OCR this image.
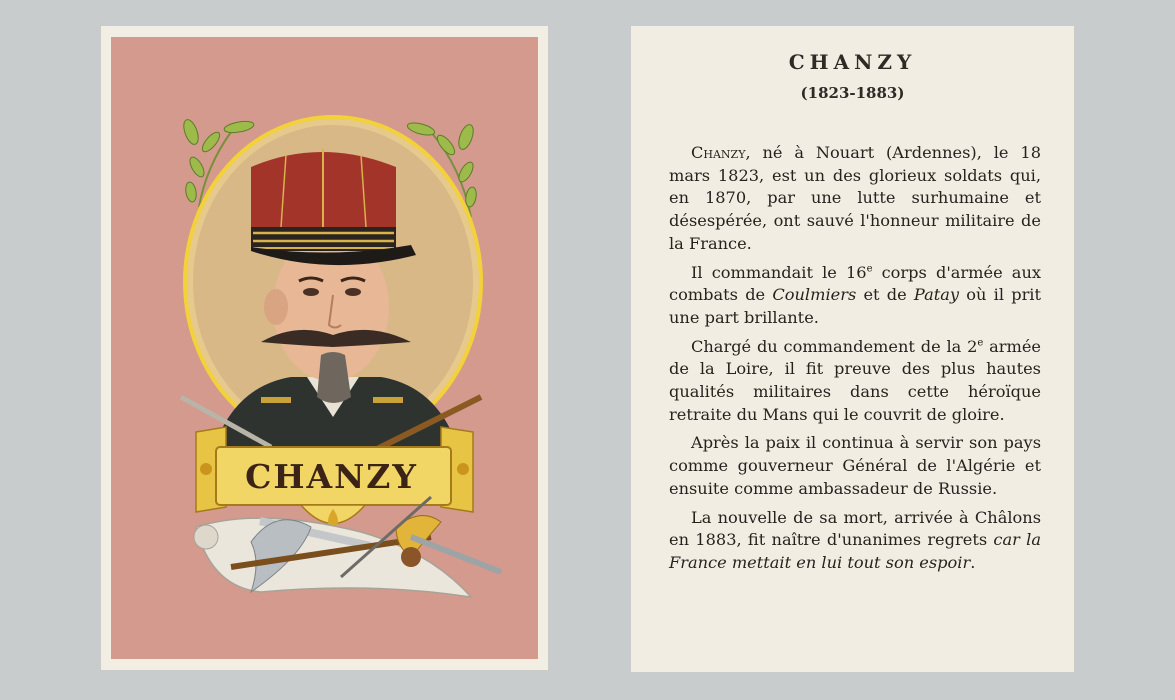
CHANZY
CHANZY
(1823-1883)

Chanzy, né à Nouart (Ardennes), le 18 mars 1823, est un des glorieux soldats qui, en 1870, par une lutte surhumaine et désespérée, ont sauvé l'honneur militaire de la France.

Il commandait le 16e corps d'armée aux combats de Coulmiers et de Patay où il prit une part brillante.

Chargé du commandement de la 2e armée de la Loire, il fit preuve des plus hautes qualités militaires dans cette héroïque retraite du Mans qui le couvrit de gloire.

Après la paix il continua à servir son pays comme gouverneur Général de l'Algérie et ensuite comme ambassadeur de Russie.

La nouvelle de sa mort, arrivée à Châlons en 1883, fit naître d'unanimes regrets car la France mettait en lui tout son espoir.
